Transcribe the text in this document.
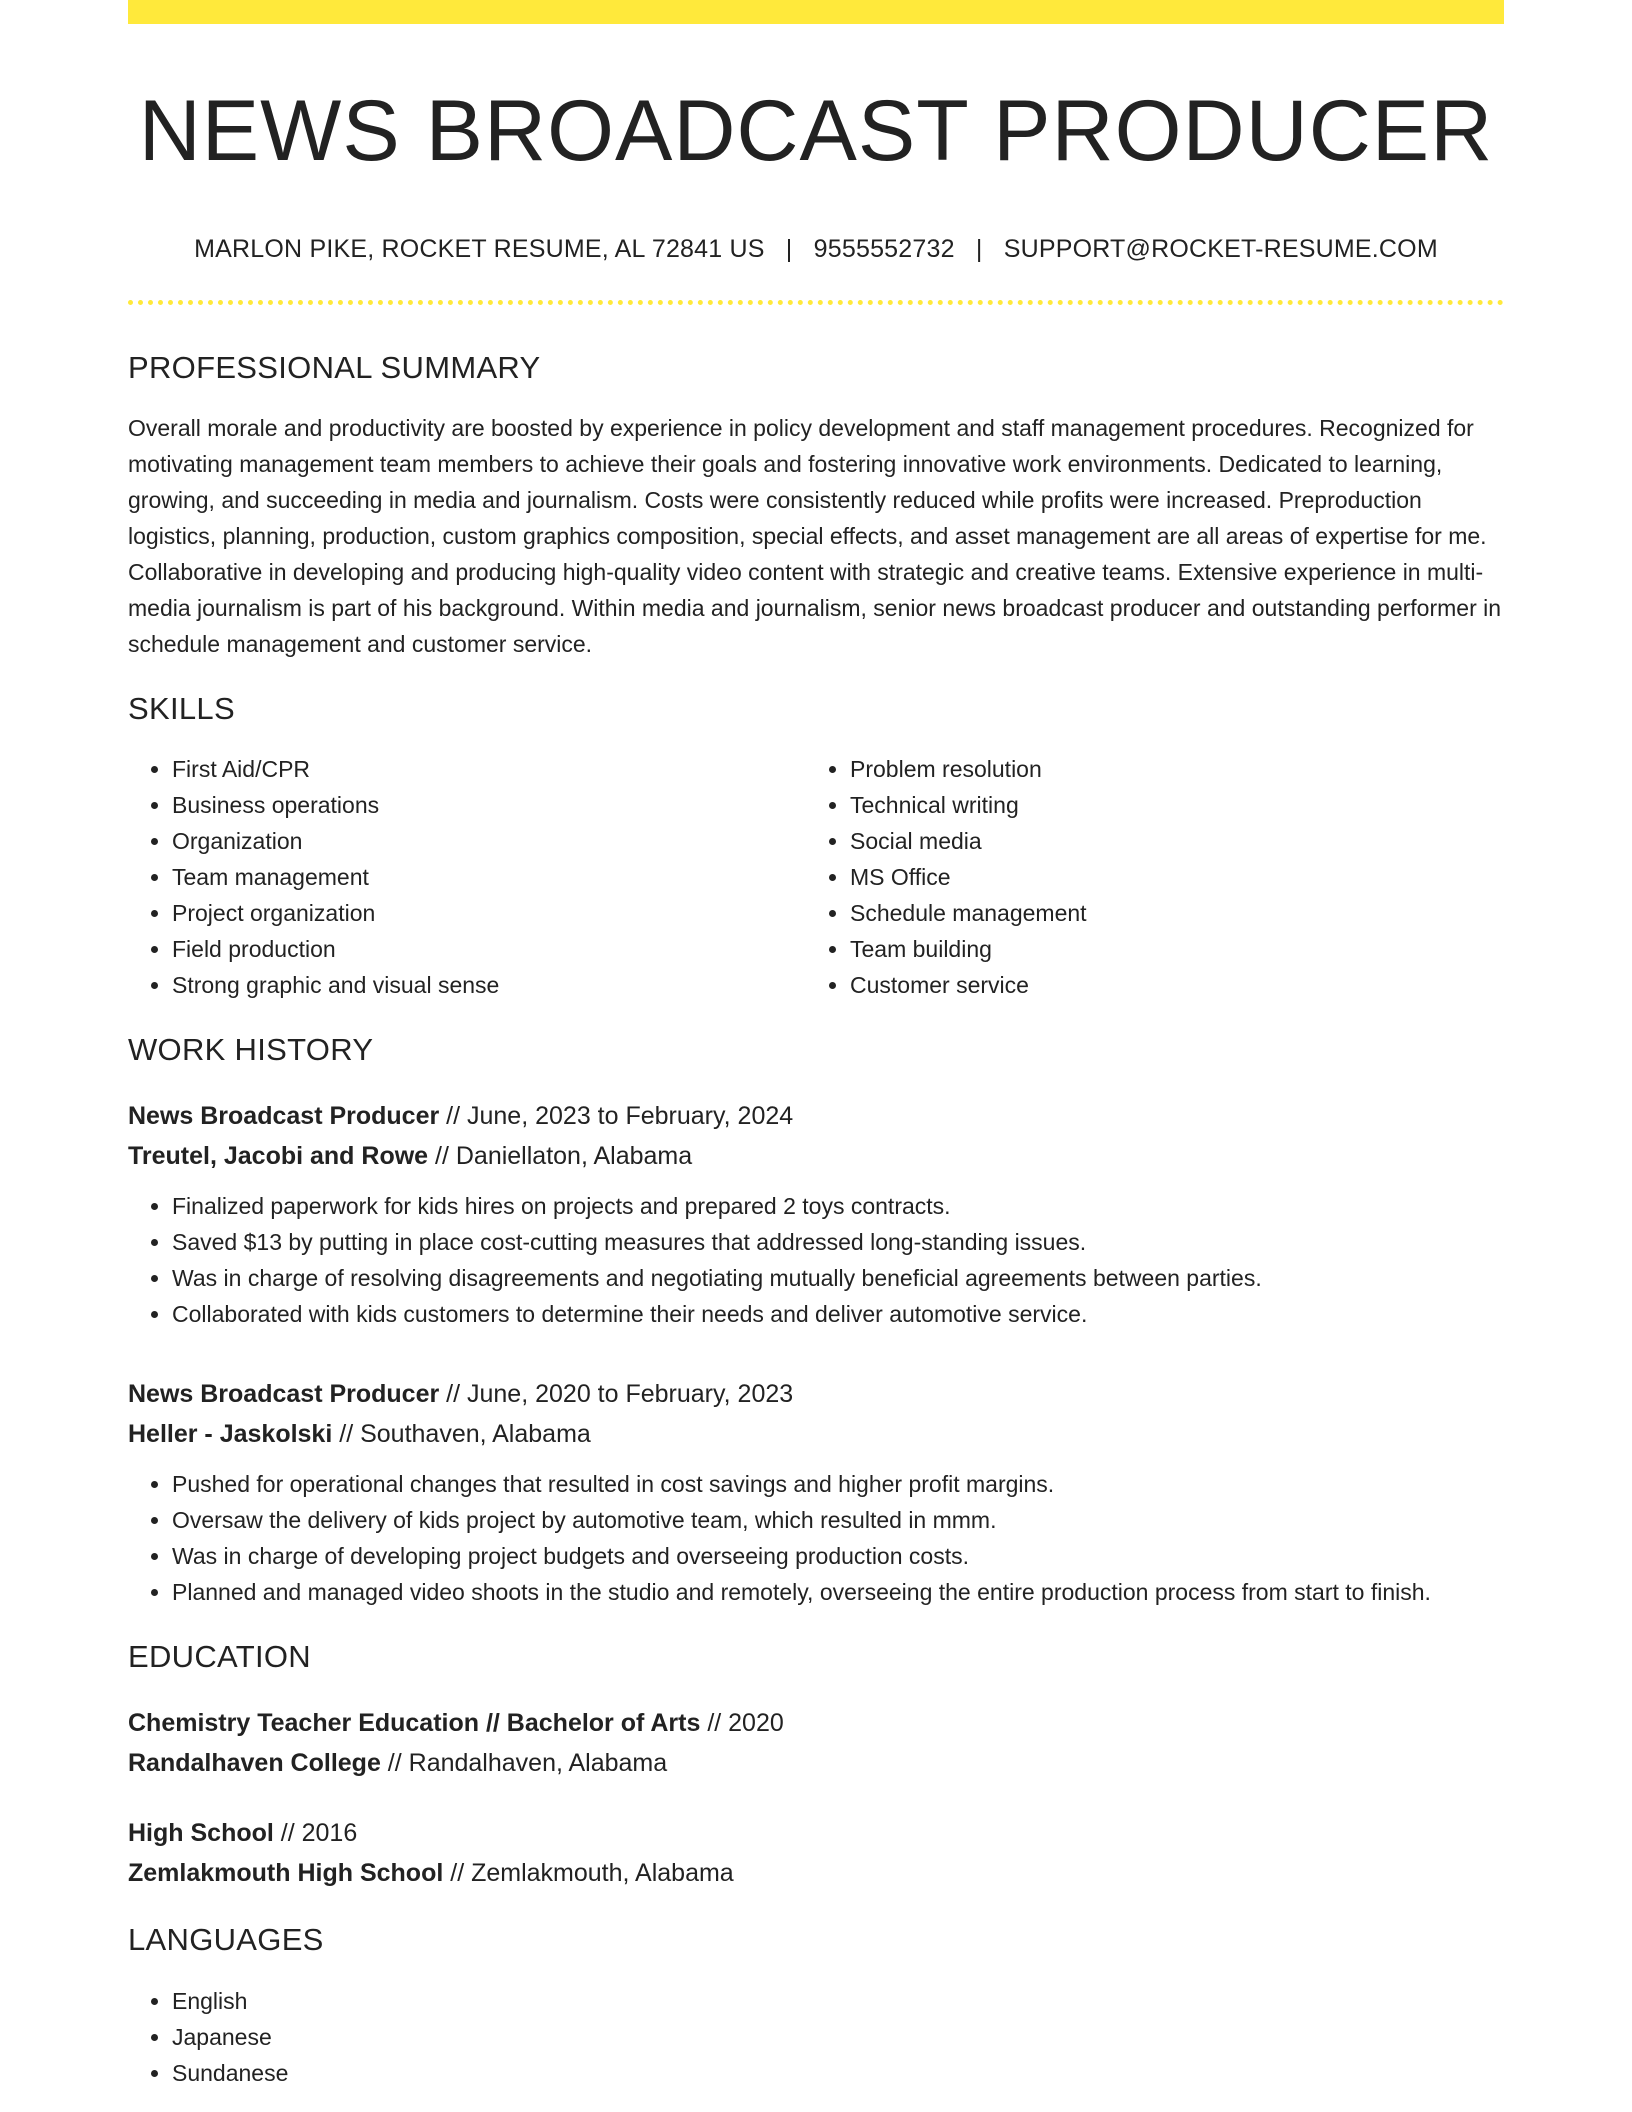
NEWS BROADCAST PRODUCER
MARLON PIKE, ROCKET RESUME, AL 72841 US | 9555552732 | SUPPORT@ROCKET-RESUME.COM
PROFESSIONAL SUMMARY

Overall morale and productivity are boosted by experience in policy development and staff management procedures. Recognized for motivating management team members to achieve their goals and fostering innovative work environments. Dedicated to learning, growing, and succeeding in media and journalism. Costs were consistently reduced while profits were increased. Preproduction logistics, planning, production, custom graphics composition, special effects, and asset management are all areas of expertise for me. Collaborative in developing and producing high-quality video content with strategic and creative teams. Extensive experience in multi-media journalism is part of his background. Within media and journalism, senior news broadcast producer and outstanding performer in schedule management and customer service.

SKILLS
• First Aid/CPR
• Business operations
• Organization
• Team management
• Project organization
• Field production
• Strong graphic and visual sense
• Problem resolution
• Technical writing
• Social media
• MS Office
• Schedule management
• Team building
• Customer service
WORK HISTORY
News Broadcast Producer // June, 2023 to February, 2024
Treutel, Jacobi and Rowe // Daniellaton, Alabama
• Finalized paperwork for kids hires on projects and prepared 2 toys contracts.
• Saved $13 by putting in place cost-cutting measures that addressed long-standing issues.
• Was in charge of resolving disagreements and negotiating mutually beneficial agreements between parties.
• Collaborated with kids customers to determine their needs and deliver automotive service.
News Broadcast Producer // June, 2020 to February, 2023
Heller - Jaskolski // Southaven, Alabama
• Pushed for operational changes that resulted in cost savings and higher profit margins.
• Oversaw the delivery of kids project by automotive team, which resulted in mmm.
• Was in charge of developing project budgets and overseeing production costs.
• Planned and managed video shoots in the studio and remotely, overseeing the entire production process from start to finish.
EDUCATION
Chemistry Teacher Education // Bachelor of Arts // 2020
Randalhaven College // Randalhaven, Alabama
High School // 2016
Zemlakmouth High School // Zemlakmouth, Alabama
LANGUAGES
• English
• Japanese
• Sundanese
